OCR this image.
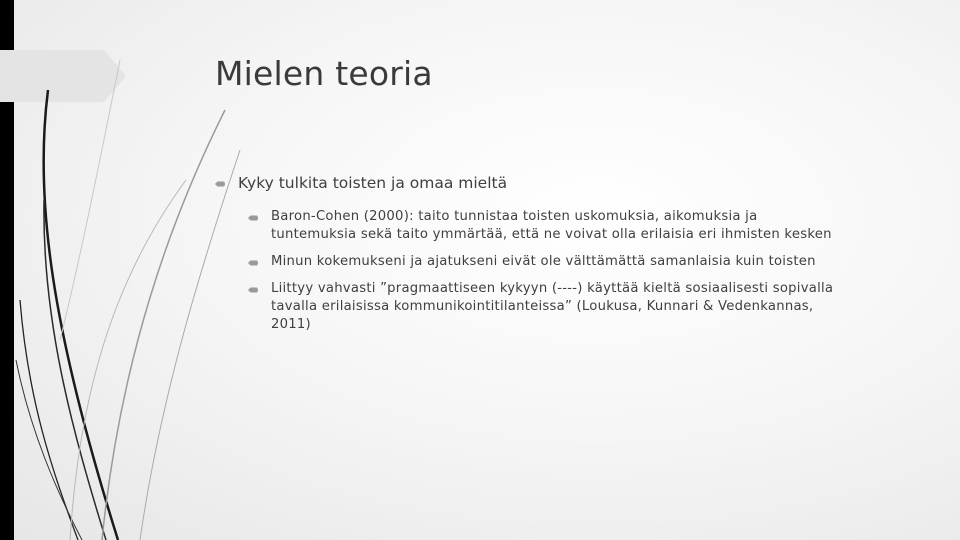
Mielen teoria
Kyky tulkita toisten ja omaa mieltä
Baron-Cohen (2000): taito tunnistaa toisten uskomuksia, aikomuksia ja
tuntemuksia sekä taito ymmärtää, että ne voivat olla erilaisia eri ihmisten kesken
Minun kokemukseni ja ajatukseni eivät ole välttämättä samanlaisia kuin toisten
Liittyy vahvasti ”pragmaattiseen kykyyn (----) käyttää kieltä sosiaalisesti sopivalla
tavalla erilaisissa kommunikointitilanteissa” (Loukusa, Kunnari & Vedenkannas,
2011)
